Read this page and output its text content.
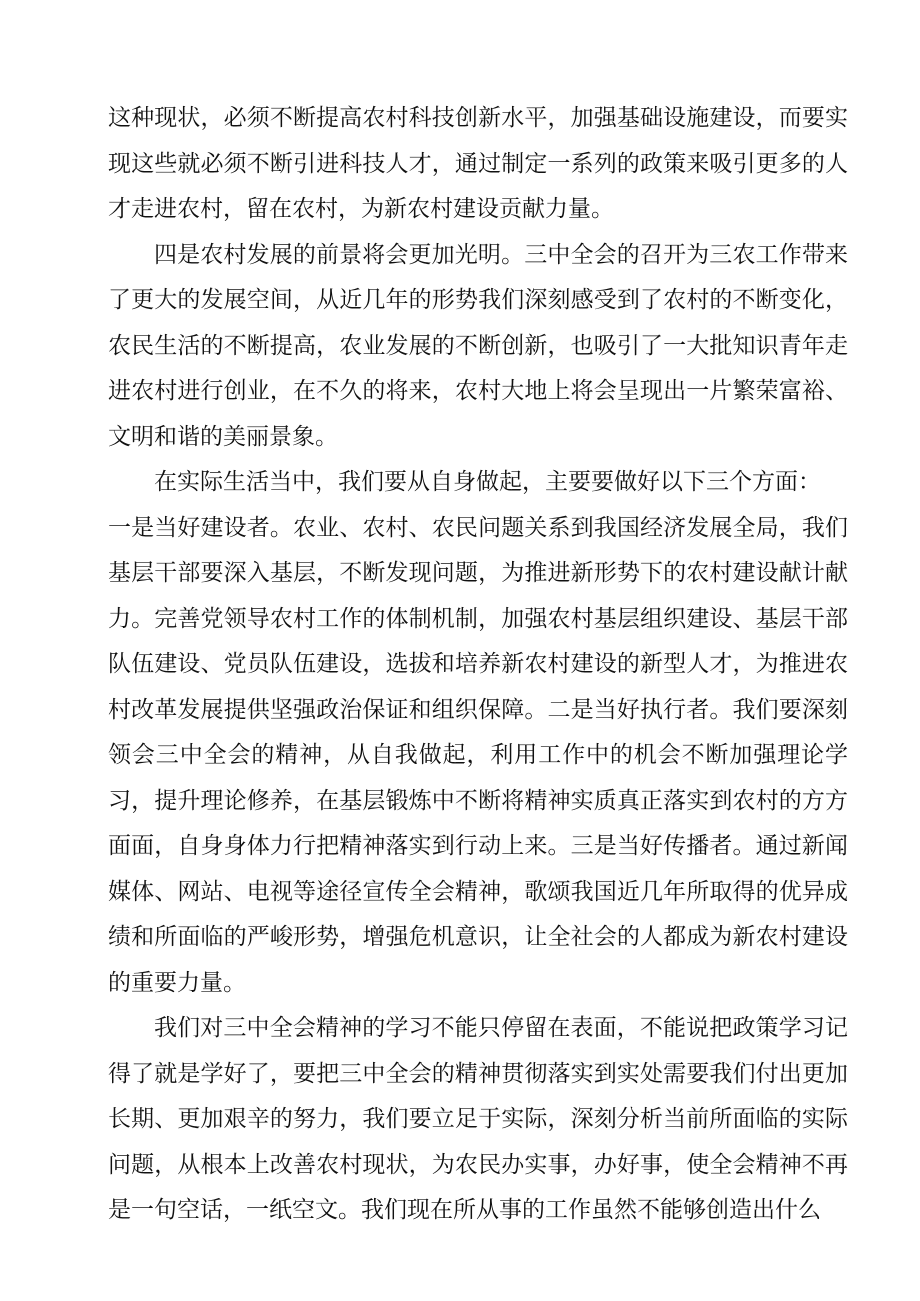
这种现状，必须不断提高农村科技创新水平，加强基础设施建设，而要实现这些就必须不断引进科技人才，通过制定一系列的政策来吸引更多的人才走进农村，留在农村，为新农村建设贡献力量。

四是农村发展的前景将会更加光明。三中全会的召开为三农工作带来了更大的发展空间，从近几年的形势我们深刻感受到了农村的不断变化，农民生活的不断提高，农业发展的不断创新，也吸引了一大批知识青年走进农村进行创业，在不久的将来，农村大地上将会呈现出一片繁荣富裕、文明和谐的美丽景象。

在实际生活当中，我们要从自身做起，主要要做好以下三个方面：

一是当好建设者。农业、农村、农民问题关系到我国经济发展全局，我们基层干部要深入基层，不断发现问题，为推进新形势下的农村建设献计献力。完善党领导农村工作的体制机制，加强农村基层组织建设、基层干部队伍建设、党员队伍建设，选拔和培养新农村建设的新型人才，为推进农村改革发展提供坚强政治保证和组织保障。二是当好执行者。我们要深刻领会三中全会的精神，从自我做起，利用工作中的机会不断加强理论学习，提升理论修养，在基层锻炼中不断将精神实质真正落实到农村的方方面面，自身身体力行把精神落实到行动上来。三是当好传播者。通过新闻媒体、网站、电视等途径宣传全会精神，歌颂我国近几年所取得的优异成绩和所面临的严峻形势，增强危机意识，让全社会的人都成为新农村建设的重要力量。

我们对三中全会精神的学习不能只停留在表面，不能说把政策学习记得了就是学好了，要把三中全会的精神贯彻落实到实处需要我们付出更加长期、更加艰辛的努力，我们要立足于实际，深刻分析当前所面临的实际问题，从根本上改善农村现状，为农民办实事，办好事，使全会精神不再是一句空话，一纸空文。我们现在所从事的工作虽然不能够创造出什么
